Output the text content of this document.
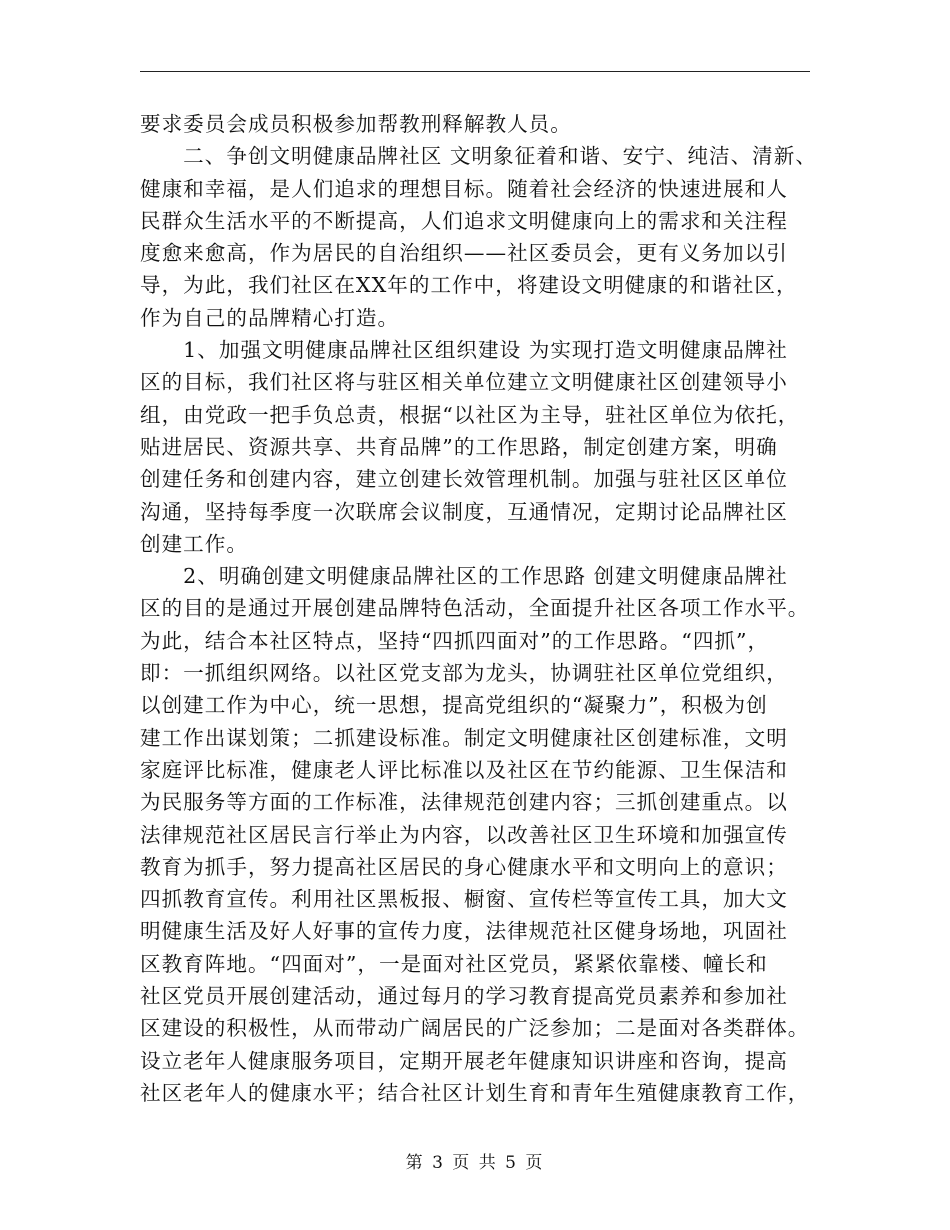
要求委员会成员积极参加帮教刑释解教人员。
　　二、争创文明健康品牌社区 文明象征着和谐、安宁、纯洁、清新、
健康和幸福，是人们追求的理想目标。随着社会经济的快速进展和人
民群众生活水平的不断提高，人们追求文明健康向上的需求和关注程
度愈来愈高，作为居民的自治组织——社区委员会，更有义务加以引
导，为此，我们社区在XX年的工作中，将建设文明健康的和谐社区，
作为自己的品牌精心打造。
　　1、加强文明健康品牌社区组织建设 为实现打造文明健康品牌社
区的目标，我们社区将与驻区相关单位建立文明健康社区创建领导小
组，由党政一把手负总责，根据“以社区为主导，驻社区单位为依托，
贴进居民、资源共享、共育品牌”的工作思路，制定创建方案，明确
创建任务和创建内容，建立创建长效管理机制。加强与驻社区区单位
沟通，坚持每季度一次联席会议制度，互通情况，定期讨论品牌社区
创建工作。
　　2、明确创建文明健康品牌社区的工作思路 创建文明健康品牌社
区的目的是通过开展创建品牌特色活动，全面提升社区各项工作水平。
为此，结合本社区特点，坚持“四抓四面对”的工作思路。“四抓”，
即：一抓组织网络。以社区党支部为龙头，协调驻社区单位党组织，
以创建工作为中心，统一思想，提高党组织的“凝聚力”，积极为创
建工作出谋划策；二抓建设标准。制定文明健康社区创建标准，文明
家庭评比标准，健康老人评比标准以及社区在节约能源、卫生保洁和
为民服务等方面的工作标准，法律规范创建内容；三抓创建重点。以
法律规范社区居民言行举止为内容，以改善社区卫生环境和加强宣传
教育为抓手，努力提高社区居民的身心健康水平和文明向上的意识；
四抓教育宣传。利用社区黑板报、橱窗、宣传栏等宣传工具，加大文
明健康生活及好人好事的宣传力度，法律规范社区健身场地，巩固社
区教育阵地。“四面对”，一是面对社区党员，紧紧依靠楼、幢长和
社区党员开展创建活动，通过每月的学习教育提高党员素养和参加社
区建设的积极性，从而带动广阔居民的广泛参加；二是面对各类群体。
设立老年人健康服务项目，定期开展老年健康知识讲座和咨询，提高
社区老年人的健康水平；结合社区计划生育和青年生殖健康教育工作，
第 3 页 共 5 页
